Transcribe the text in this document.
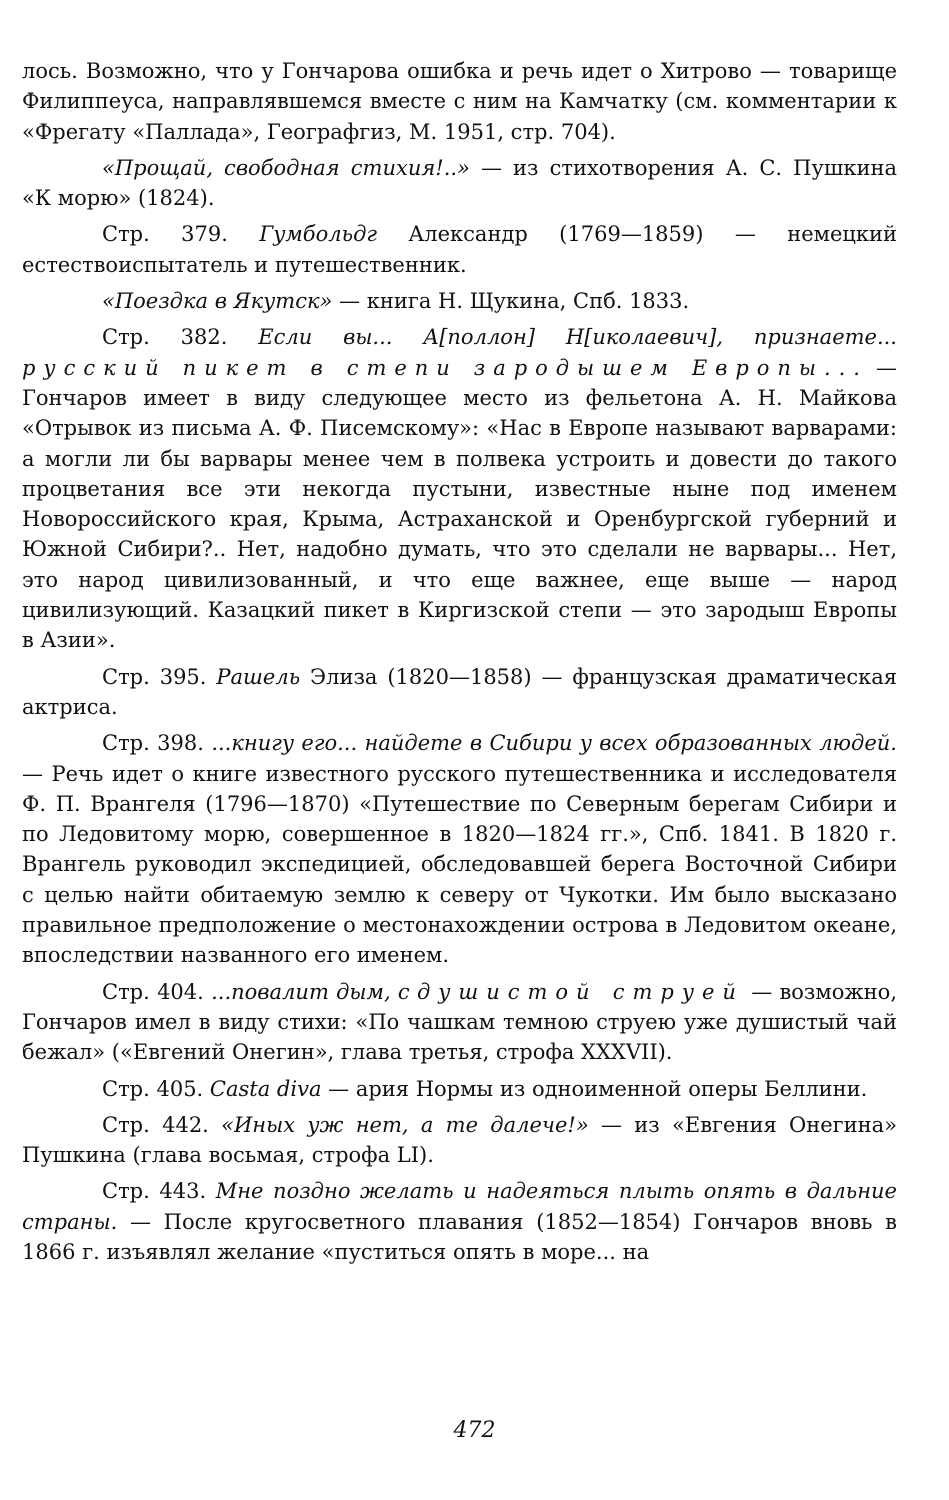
лось. Возможно, что у Гончарова ошибка и речь идет о Хитрово — товарище Филиппеуса, направлявшемся вместе с ним на Камчатку (см. комментарии к «Фрегату «Паллада», Географгиз, М. 1951, стр. 704).

«Прощай, свободная стихия!..» — из стихотворения А. С. Пушкина «К морю» (1824).

Стр. 379. Гумбольдг Александр (1769—1859) — немецкий естествоиспытатель и путешественник.

«Поездка в Якутск» — книга Н. Щукина, Спб. 1833.

Стр. 382. Если вы... А[поллон] Н[иколаевич], признаете... русский пикет в степи зародышем Европы... — Гончаров имеет в виду следующее место из фельетона А. Н. Майкова «Отрывок из письма А. Ф. Писемскому»: «Нас в Европе называют варварами: а могли ли бы варвары менее чем в полвека устроить и довести до такого процветания все эти некогда пустыни, известные ныне под именем Новороссийского края, Крыма, Астраханской и Оренбургской губерний и Южной Сибири?.. Нет, надобно думать, что это сделали не варвары... Нет, это народ цивилизованный, и что еще важнее, еще выше — народ цивилизующий. Казацкий пикет в Киргизской степи — это зародыш Европы в Азии».

Стр. 395. Рашель Элиза (1820—1858) — французская драматическая актриса.

Стр. 398. ...книгу его... найдете в Сибири у всех образованных людей. — Речь идет о книге известного русского путешественника и исследователя Ф. П. Врангеля (1796—1870) «Путешествие по Северным берегам Сибири и по Ледовитому морю, совершенное в 1820—1824 гг.», Спб. 1841. В 1820 г. Врангель руководил экспедицией, обследовавшей берега Восточной Сибири с целью найти обитаемую землю к северу от Чукотки. Им было высказано правильное предположение о местонахождении острова в Ледовитом океане, впоследствии названного его именем.

Стр. 404. ...повалит дым, с душистой струей — возможно, Гончаров имел в виду стихи: «По чашкам темною струею уже душистый чай бежал» («Евгений Онегин», глава третья, строфа XXXVII).

Стр. 405. Casta diva — ария Нормы из одноименной оперы Беллини.

Стр. 442. «Иных уж нет, а те далече!» — из «Евгения Онегина» Пушкина (глава восьмая, строфа LI).

Стр. 443. Мне поздно желать и надеяться плыть опять в дальние страны. — После кругосветного плавания (1852—1854) Гончаров вновь в 1866 г. изъявлял желание «пуститься опять в море... на

472
